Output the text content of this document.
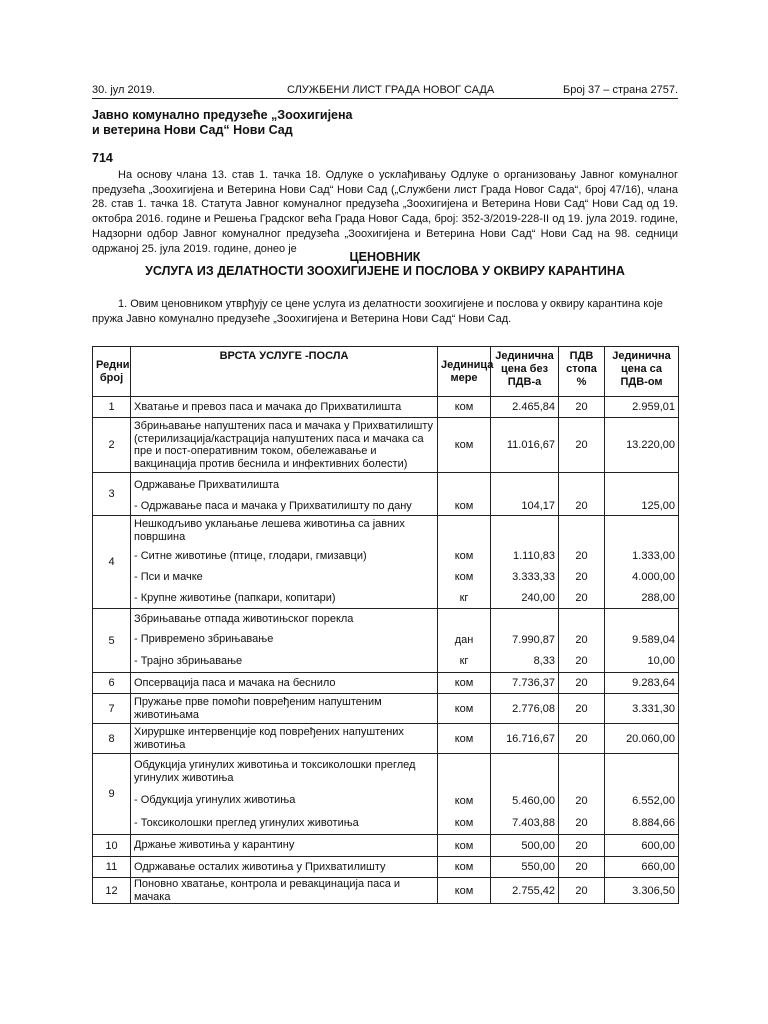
30. јул 2019.	СЛУЖБЕНИ ЛИСТ ГРАДА НОВОГ САДА	Број 37 – страна 2757.
Јавно комунално предузеће „Зоохигијена
и ветерина Нови Сад“ Нови Сад
714

На основу члана 13. став 1. тачка 18. Одлуке о усклађивању Одлуке о организовању Јавног комуналног предузећа „Зоохигијена и Ветерина Нови Сад“ Нови Сад („Службени лист Града Новог Сада“, број 47/16), члана 28. став 1. тачка 18. Статута Јавног комуналног предузећа „Зоохигијена и Ветерина Нови Сад“ Нови Сад од 19. октобра 2016. године и Решења Градског већа Града Новог Сада, број: 352-3/2019-228-II од 19. јула 2019. године, Надзорни одбор Јавног комуналног предузећа „Зоохигијена и Ветерина Нови Сад“ Нови Сад на 98. седници одржаној 25. јула 2019. године, донео је

ЦЕНОВНИК
УСЛУГА ИЗ ДЕЛАТНОСТИ ЗООХИГИЈЕНЕ И ПОСЛОВА У ОКВИРУ КАРАНТИНА

1. Овим ценовником утврђују се цене услуга из делатности зоохигијене и послова у оквиру карантина које пружа Јавно комунално предузеће „Зоохигијена и Ветерина Нови Сад“ Нови Сад.

Редни број	ВРСТА УСЛУГЕ -ПОСЛА	Јединица мере	Јединична цена без ПДВ-а	ПДВ стопа %	Јединична цена са ПДВ-ом
1	Хватање и превоз паса и мачака до Прихватилишта	ком	2.465,84	20	2.959,01
2	Збрињавање напуштених паса и мачака у Прихватилишту (стерилизација/кастрација напуштених паса и мачака са пре и пост-оперативним током, обележавање и вакцинација против беснила и инфективних болести)	ком	11.016,67	20	13.220,00
3	Одржавање Прихватилишта				
	- Одржавање паса и мачака у Прихватилишту по дану	ком	104,17	20	125,00
4	Нешкодљиво уклањање лешева животиња са јавних површина				
	- Ситне животиње (птице, глодари, гмизавци)	ком	1.110,83	20	1.333,00
	- Пси и мачке	ком	3.333,33	20	4.000,00
	- Крупне животиње (папкари, копитари)	кг	240,00	20	288,00
5	Збрињавање отпада животињског порекла				
	- Привремено збрињавање	дан	7.990,87	20	9.589,04
	- Трајно збрињавање	кг	8,33	20	10,00
6	Опсервација паса и мачака на беснило	ком	7.736,37	20	9.283,64
7	Пружање прве помоћи повређеним напуштеним животињама	ком	2.776,08	20	3.331,30
8	Хируршке интервенције код повређених напуштених животиња	ком	16.716,67	20	20.060,00
9	Обдукција угинулих животиња и токсиколошки преглед угинулих животиња				
	- Обдукција угинулих животиња	ком	5.460,00	20	6.552,00
	- Токсиколошки преглед угинулих животиња	ком	7.403,88	20	8.884,66
10	Држање животиња у карантину	ком	500,00	20	600,00
11	Одржавање осталих животиња у Прихватилишту	ком	550,00	20	660,00
12	Поновно хватање, контрола и ревакцинација паса и мачака	ком	2.755,42	20	3.306,50
